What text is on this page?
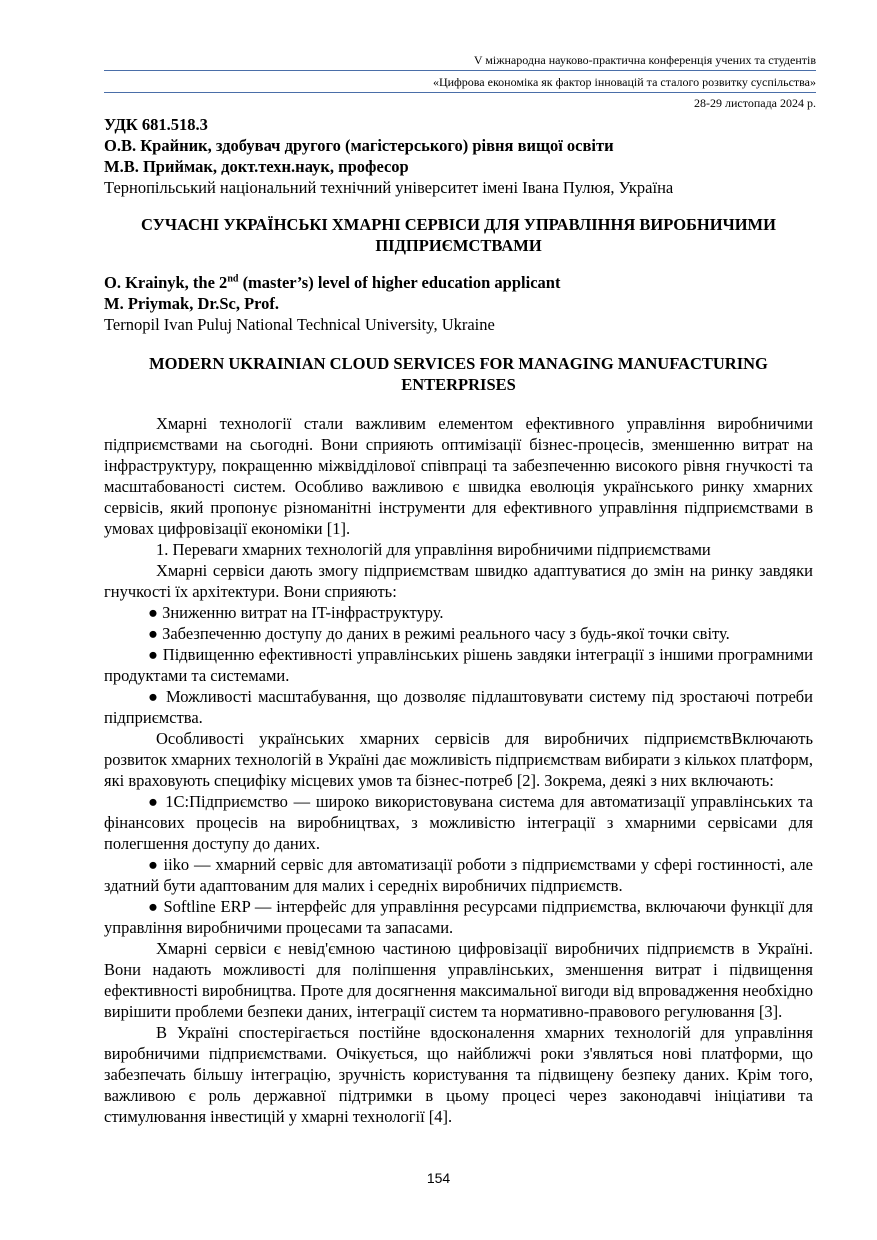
V міжнародна науково-практична конференція учених та студентів
«Цифрова економіка як фактор інновацій та сталого розвитку суспільства»
28-29 листопада 2024 р.

УДК 681.518.3

О.В. Крайник, здобувач другого (магістерського) рівня вищої освіти

М.В. Приймак, докт.техн.наук, професор

Тернопільський національний технічний університет імені Івана Пулюя, Україна

СУЧАСНІ УКРАЇНСЬКІ ХМАРНІ СЕРВІСИ ДЛЯ УПРАВЛІННЯ ВИРОБНИЧИМИ ПІДПРИЄМСТВАМИ

O. Krainyk, the 2nd (master’s) level of higher education applicant

M. Priymak, Dr.Sc, Prof.

Ternopil Ivan Puluj National Technical University, Ukraine

MODERN UKRAINIAN CLOUD SERVICES FOR MANAGING MANUFACTURING ENTERPRISES

Хмарні технології стали важливим елементом ефективного управління виробничими підприємствами на сьогодні. Вони сприяють оптимізації бізнес-процесів, зменшенню витрат на інфраструктуру, покращенню міжвідділової співпраці та забезпеченню високого рівня гнучкості та масштабованості систем. Особливо важливою є швидка еволюція українського ринку хмарних сервісів, який пропонує різноманітні інструменти для ефективного управління підприємствами в умовах цифровізації економіки [1].

1. Переваги хмарних технологій для управління виробничими підприємствами

Хмарні сервіси дають змогу підприємствам швидко адаптуватися до змін на ринку завдяки гнучкості їх архітектури. Вони сприяють:

● Зниженню витрат на IT-інфраструктуру.

● Забезпеченню доступу до даних в режимі реального часу з будь-якої точки світу.

● Підвищенню ефективності управлінських рішень завдяки інтеграції з іншими програмними продуктами та системами.

● Можливості масштабування, що дозволяє підлаштовувати систему під зростаючі потреби підприємства.

Особливості українських хмарних сервісів для виробничих підприємствВключають розвиток хмарних технологій в Україні дає можливість підприємствам вибирати з кількох платформ, які враховують специфіку місцевих умов та бізнес-потреб [2]. Зокрема, деякі з них включають:

● 1С:Підприємство — широко використовувана система для автоматизації управлінських та фінансових процесів на виробництвах, з можливістю інтеграції з хмарними сервісами для полегшення доступу до даних.

● iiko — хмарний сервіс для автоматизації роботи з підприємствами у сфері гостинності, але здатний бути адаптованим для малих і середніх виробничих підприємств.

● Softline ERP — інтерфейс для управління ресурсами підприємства, включаючи функції для управління виробничими процесами та запасами.

Хмарні сервіси є невід'ємною частиною цифровізації виробничих підприємств в Україні. Вони надають можливості для поліпшення управлінських, зменшення витрат і підвищення ефективності виробництва. Проте для досягнення максимальної вигоди від впровадження необхідно вирішити проблеми безпеки даних, інтеграції систем та нормативно-правового регулювання [3].

В Україні спостерігається постійне вдосконалення хмарних технологій для управління виробничими підприємствами. Очікується, що найближчі роки з'являться нові платформи, що забезпечать більшу інтеграцію, зручність користування та підвищену безпеку даних. Крім того, важливою є роль державної підтримки в цьому процесі через законодавчі ініціативи та стимулювання інвестицій у хмарні технології [4].

154
